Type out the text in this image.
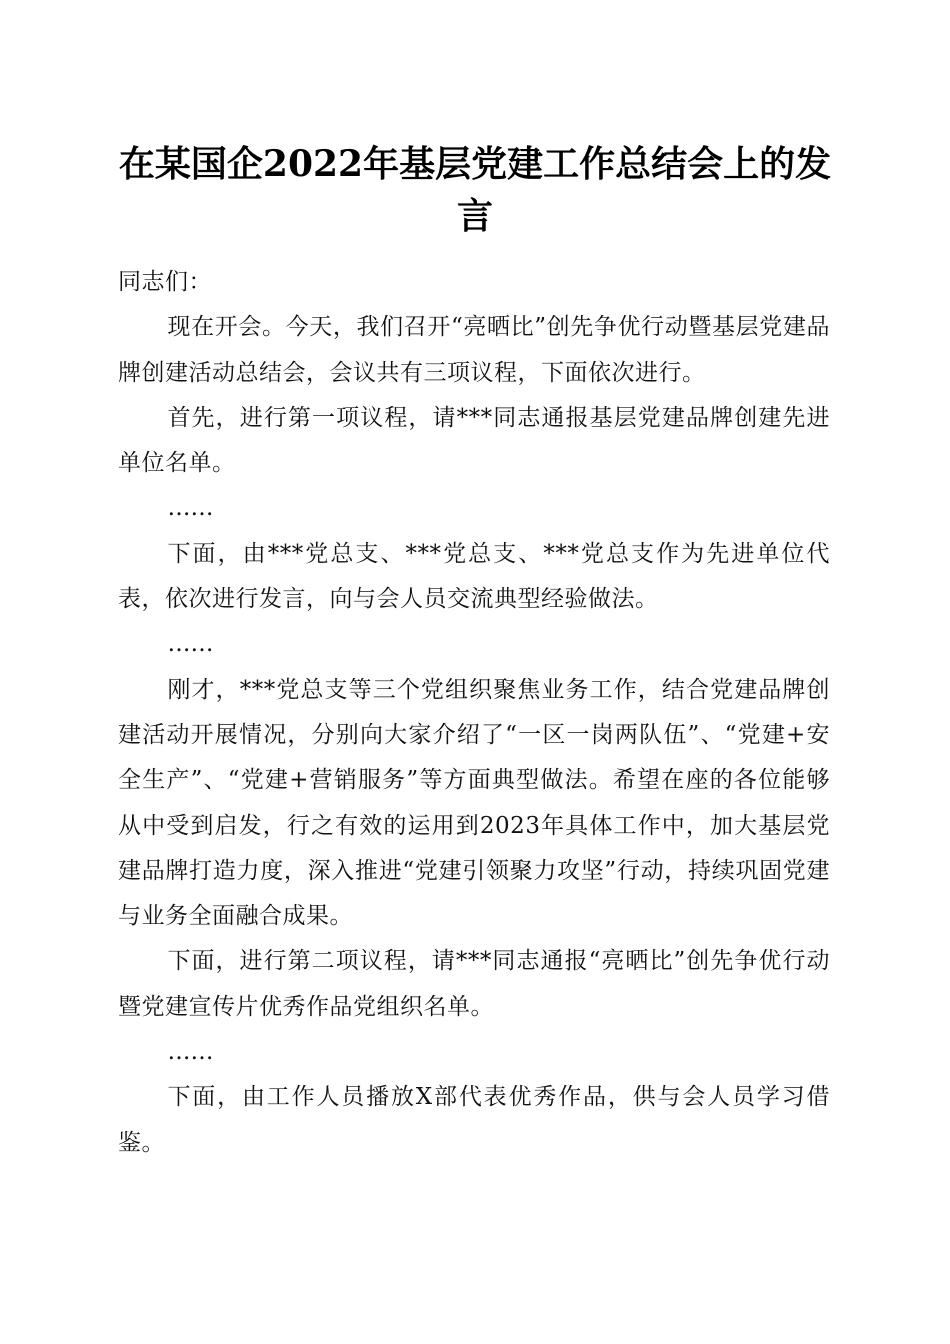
在某国企2022年基层党建工作总结会上的发言

同志们：

现在开会。今天，我们召开“亮晒比”创先争优行动暨基层党建品牌创建活动总结会，会议共有三项议程，下面依次进行。

首先，进行第一项议程，请***同志通报基层党建品牌创建先进单位名单。

……

下面，由***党总支、***党总支、***党总支作为先进单位代表，依次进行发言，向与会人员交流典型经验做法。

……

刚才，***党总支等三个党组织聚焦业务工作，结合党建品牌创建活动开展情况，分别向大家介绍了“一区一岗两队伍”、“党建+安全生产”、“党建+营销服务”等方面典型做法。希望在座的各位能够从中受到启发，行之有效的运用到2023年具体工作中，加大基层党建品牌打造力度，深入推进“党建引领聚力攻坚”行动，持续巩固党建与业务全面融合成果。

下面，进行第二项议程，请***同志通报“亮晒比”创先争优行动暨党建宣传片优秀作品党组织名单。

……

下面，由工作人员播放X部代表优秀作品，供与会人员学习借鉴。
